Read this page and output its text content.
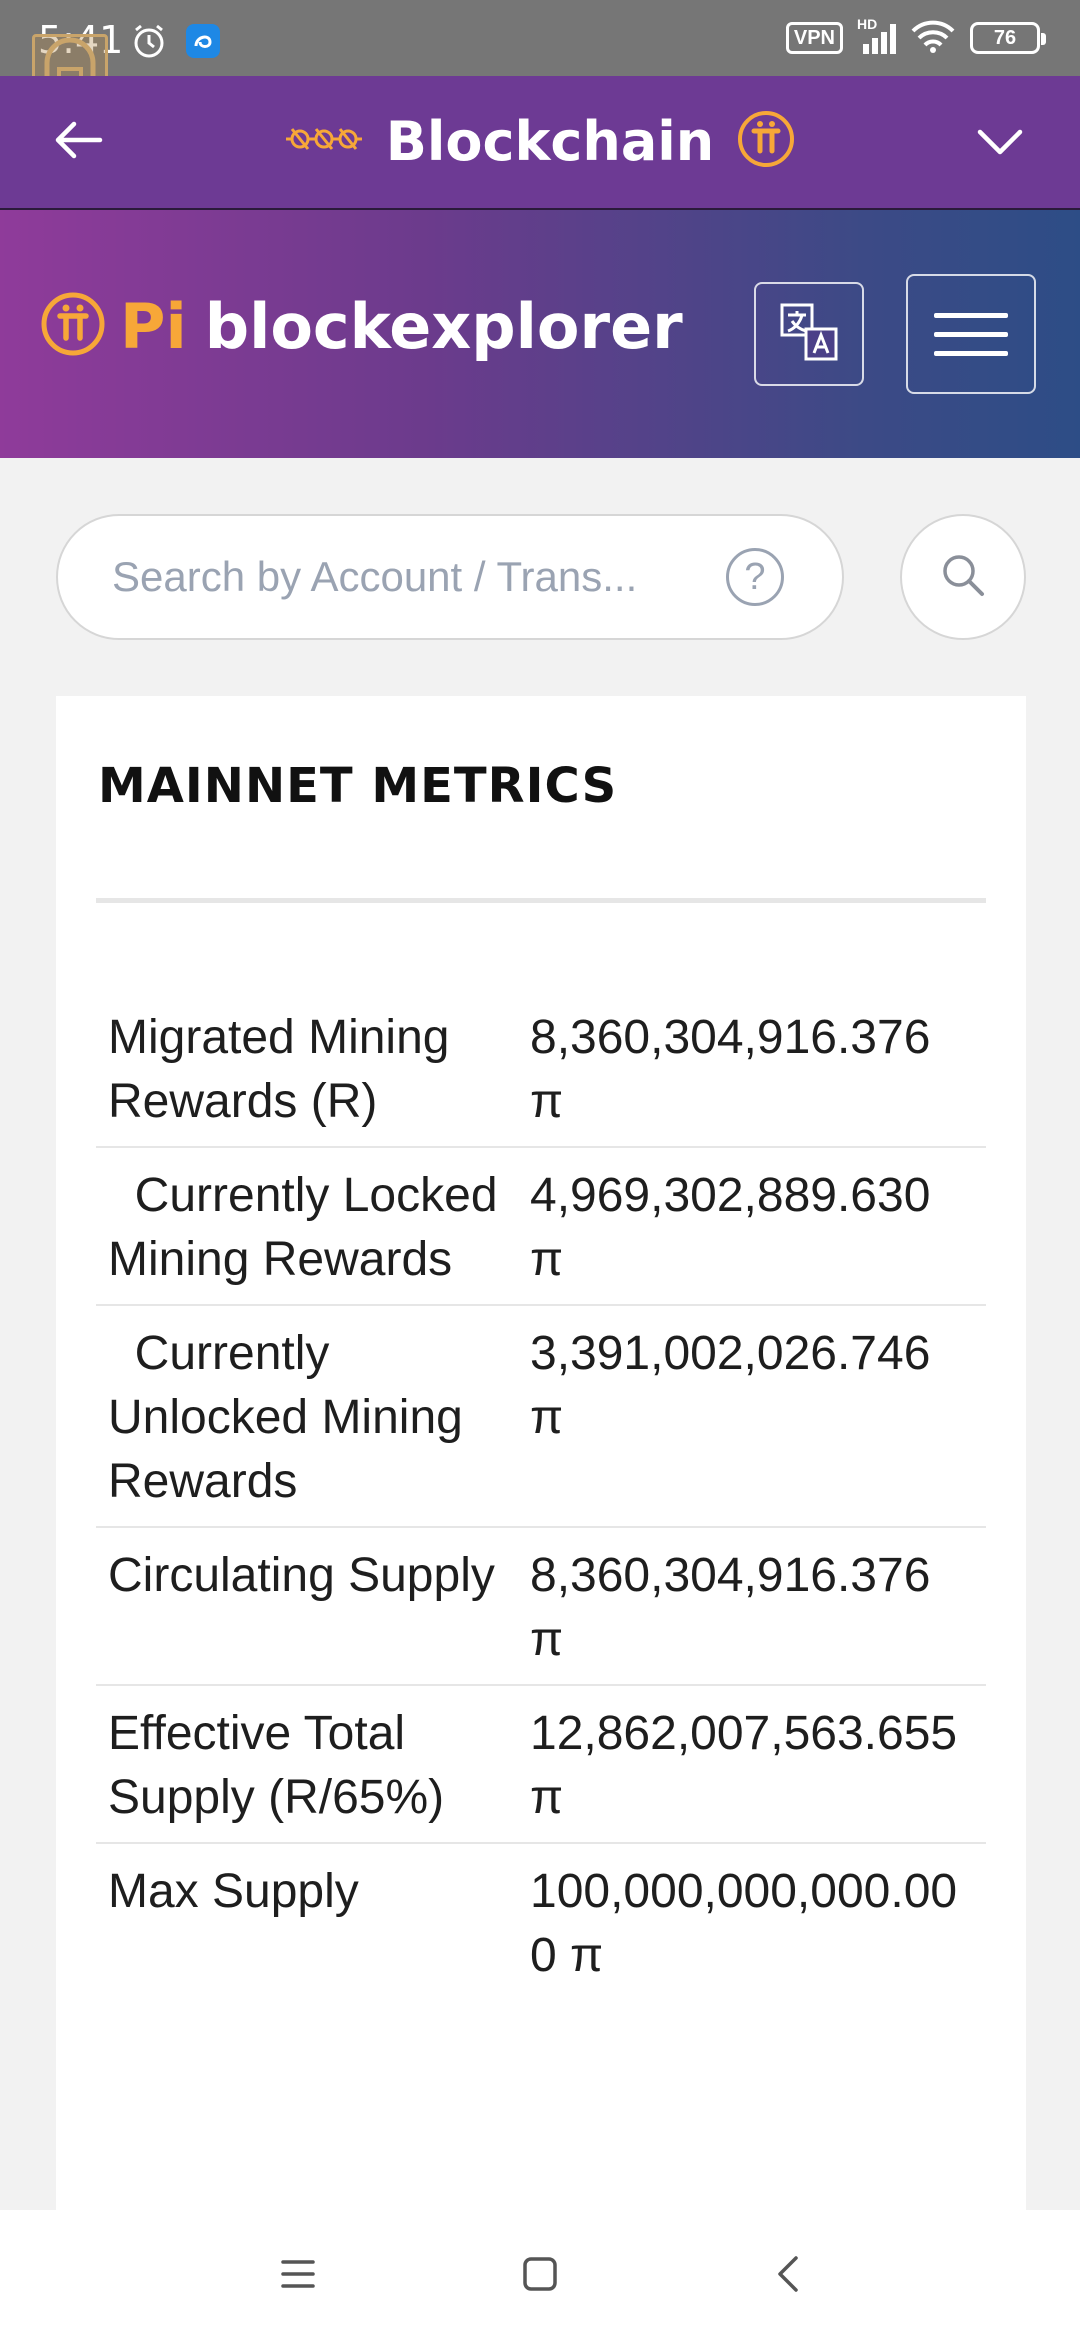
5:41	VPN
HD
76
Blockchain
Pi blockexplorer
Search by Account / Trans...
?
MAINNET METRICS
Migrated Mining Rewards (R)
8,360,304,916.376 π
Currently Locked Mining Rewards
4,969,302,889.630 π
Currently Unlocked Mining Rewards
3,391,002,026.746 π
Circulating Supply 8,360,304,916.376 π
Effective Total Supply (R/65%)
12,862,007,563.655 π
Max Supply	100,000,000,000.000 π
